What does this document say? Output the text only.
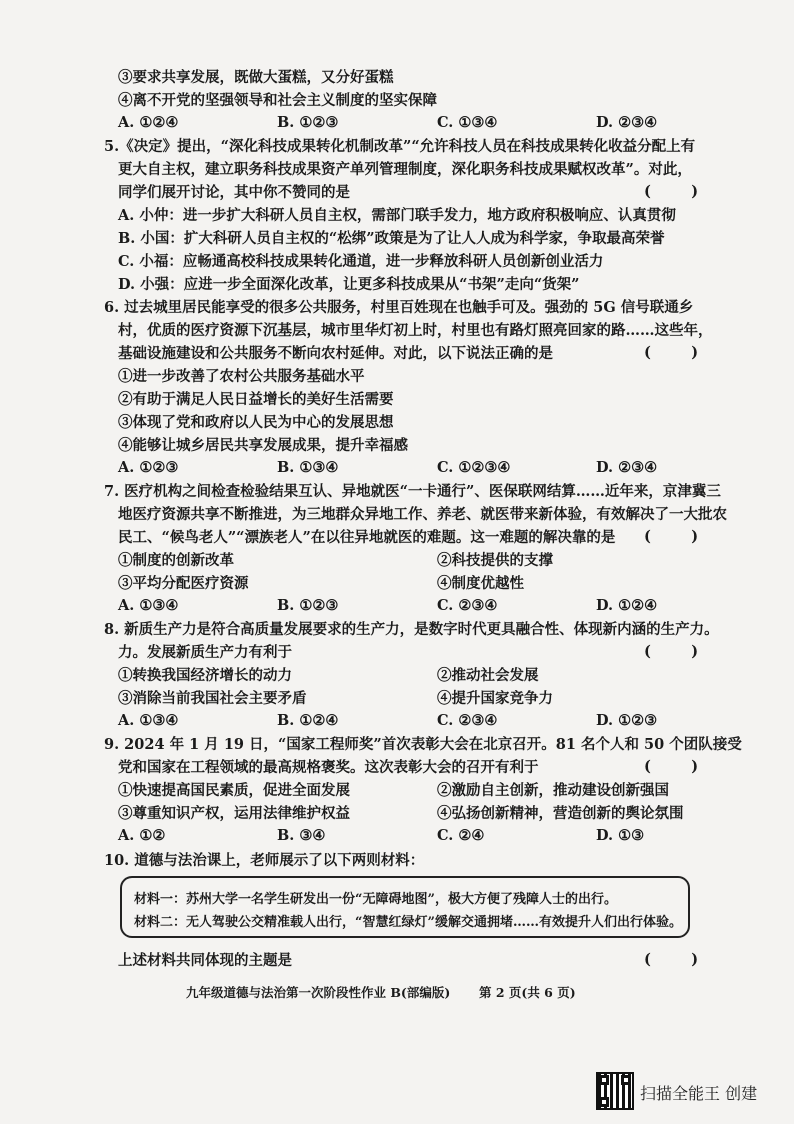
③要求共享发展，既做大蛋糕，又分好蛋糕
④离不开党的坚强领导和社会主义制度的坚实保障
A. ①②④	B. ①②③	C. ①③④	D. ②③④
5.《决定》提出，“深化科技成果转化机制改革”“允许科技人员在科技成果转化收益分配上有
更大自主权，建立职务科技成果资产单列管理制度，深化职务科技成果赋权改革”。对此，
同学们展开讨论，其中你不赞同的是	(        )
A. 小仲：进一步扩大科研人员自主权，需部门联手发力，地方政府积极响应、认真贯彻
B. 小国：扩大科研人员自主权的“松绑”政策是为了让人人成为科学家，争取最高荣誉
C. 小福：应畅通高校科技成果转化通道，进一步释放科研人员创新创业活力
D. 小强：应进一步全面深化改革，让更多科技成果从“书架”走向“货架”
6. 过去城里居民能享受的很多公共服务，村里百姓现在也触手可及。强劲的 5G 信号联通乡
村，优质的医疗资源下沉基层，城市里华灯初上时，村里也有路灯照亮回家的路……这些年，
基础设施建设和公共服务不断向农村延伸。对此，以下说法正确的是	(        )
①进一步改善了农村公共服务基础水平
②有助于满足人民日益增长的美好生活需要
③体现了党和政府以人民为中心的发展思想
④能够让城乡居民共享发展成果，提升幸福感
A. ①②③	B. ①③④	C. ①②③④	D. ②③④
7. 医疗机构之间检查检验结果互认、异地就医“一卡通行”、医保联网结算……近年来，京津冀三
地医疗资源共享不断推进，为三地群众异地工作、养老、就医带来新体验，有效解决了一大批农
民工、“候鸟老人”“漂族老人”在以往异地就医的难题。这一难题的解决靠的是 (        )
①制度的创新改革	②科技提供的支撑
③平均分配医疗资源	④制度优越性
A. ①③④	B. ①②③	C. ②③④	D. ①②④
8. 新质生产力是符合高质量发展要求的生产力，是数字时代更具融合性、体现新内涵的生产力。
力。发展新质生产力有利于	(        )
①转换我国经济增长的动力	②推动社会发展
③消除当前我国社会主要矛盾	④提升国家竞争力
A. ①③④	B. ①②④	C. ②③④	D. ①②③
9. 2024 年 1 月 19 日，“国家工程师奖”首次表彰大会在北京召开。81 名个人和 50 个团队接受
党和国家在工程领域的最高规格褒奖。这次表彰大会的召开有利于	(        )
①快速提高国民素质，促进全面发展	②激励自主创新，推动建设创新强国
③尊重知识产权，运用法律维护权益	④弘扬创新精神，营造创新的舆论氛围
A. ①②	B. ③④	C. ②④	D. ①③
10. 道德与法治课上，老师展示了以下两则材料：
材料一：苏州大学一名学生研发出一份“无障碍地图”，极大方便了残障人士的出行。
材料二：无人驾驶公交精准载人出行，“智慧红绿灯”缓解交通拥堵……有效提升人们出行体验。
上述材料共同体现的主题是	(        )
九年级道德与法治第一次阶段性作业 B(部编版) 第 2 页(共 6 页)
扫描全能王 创建
